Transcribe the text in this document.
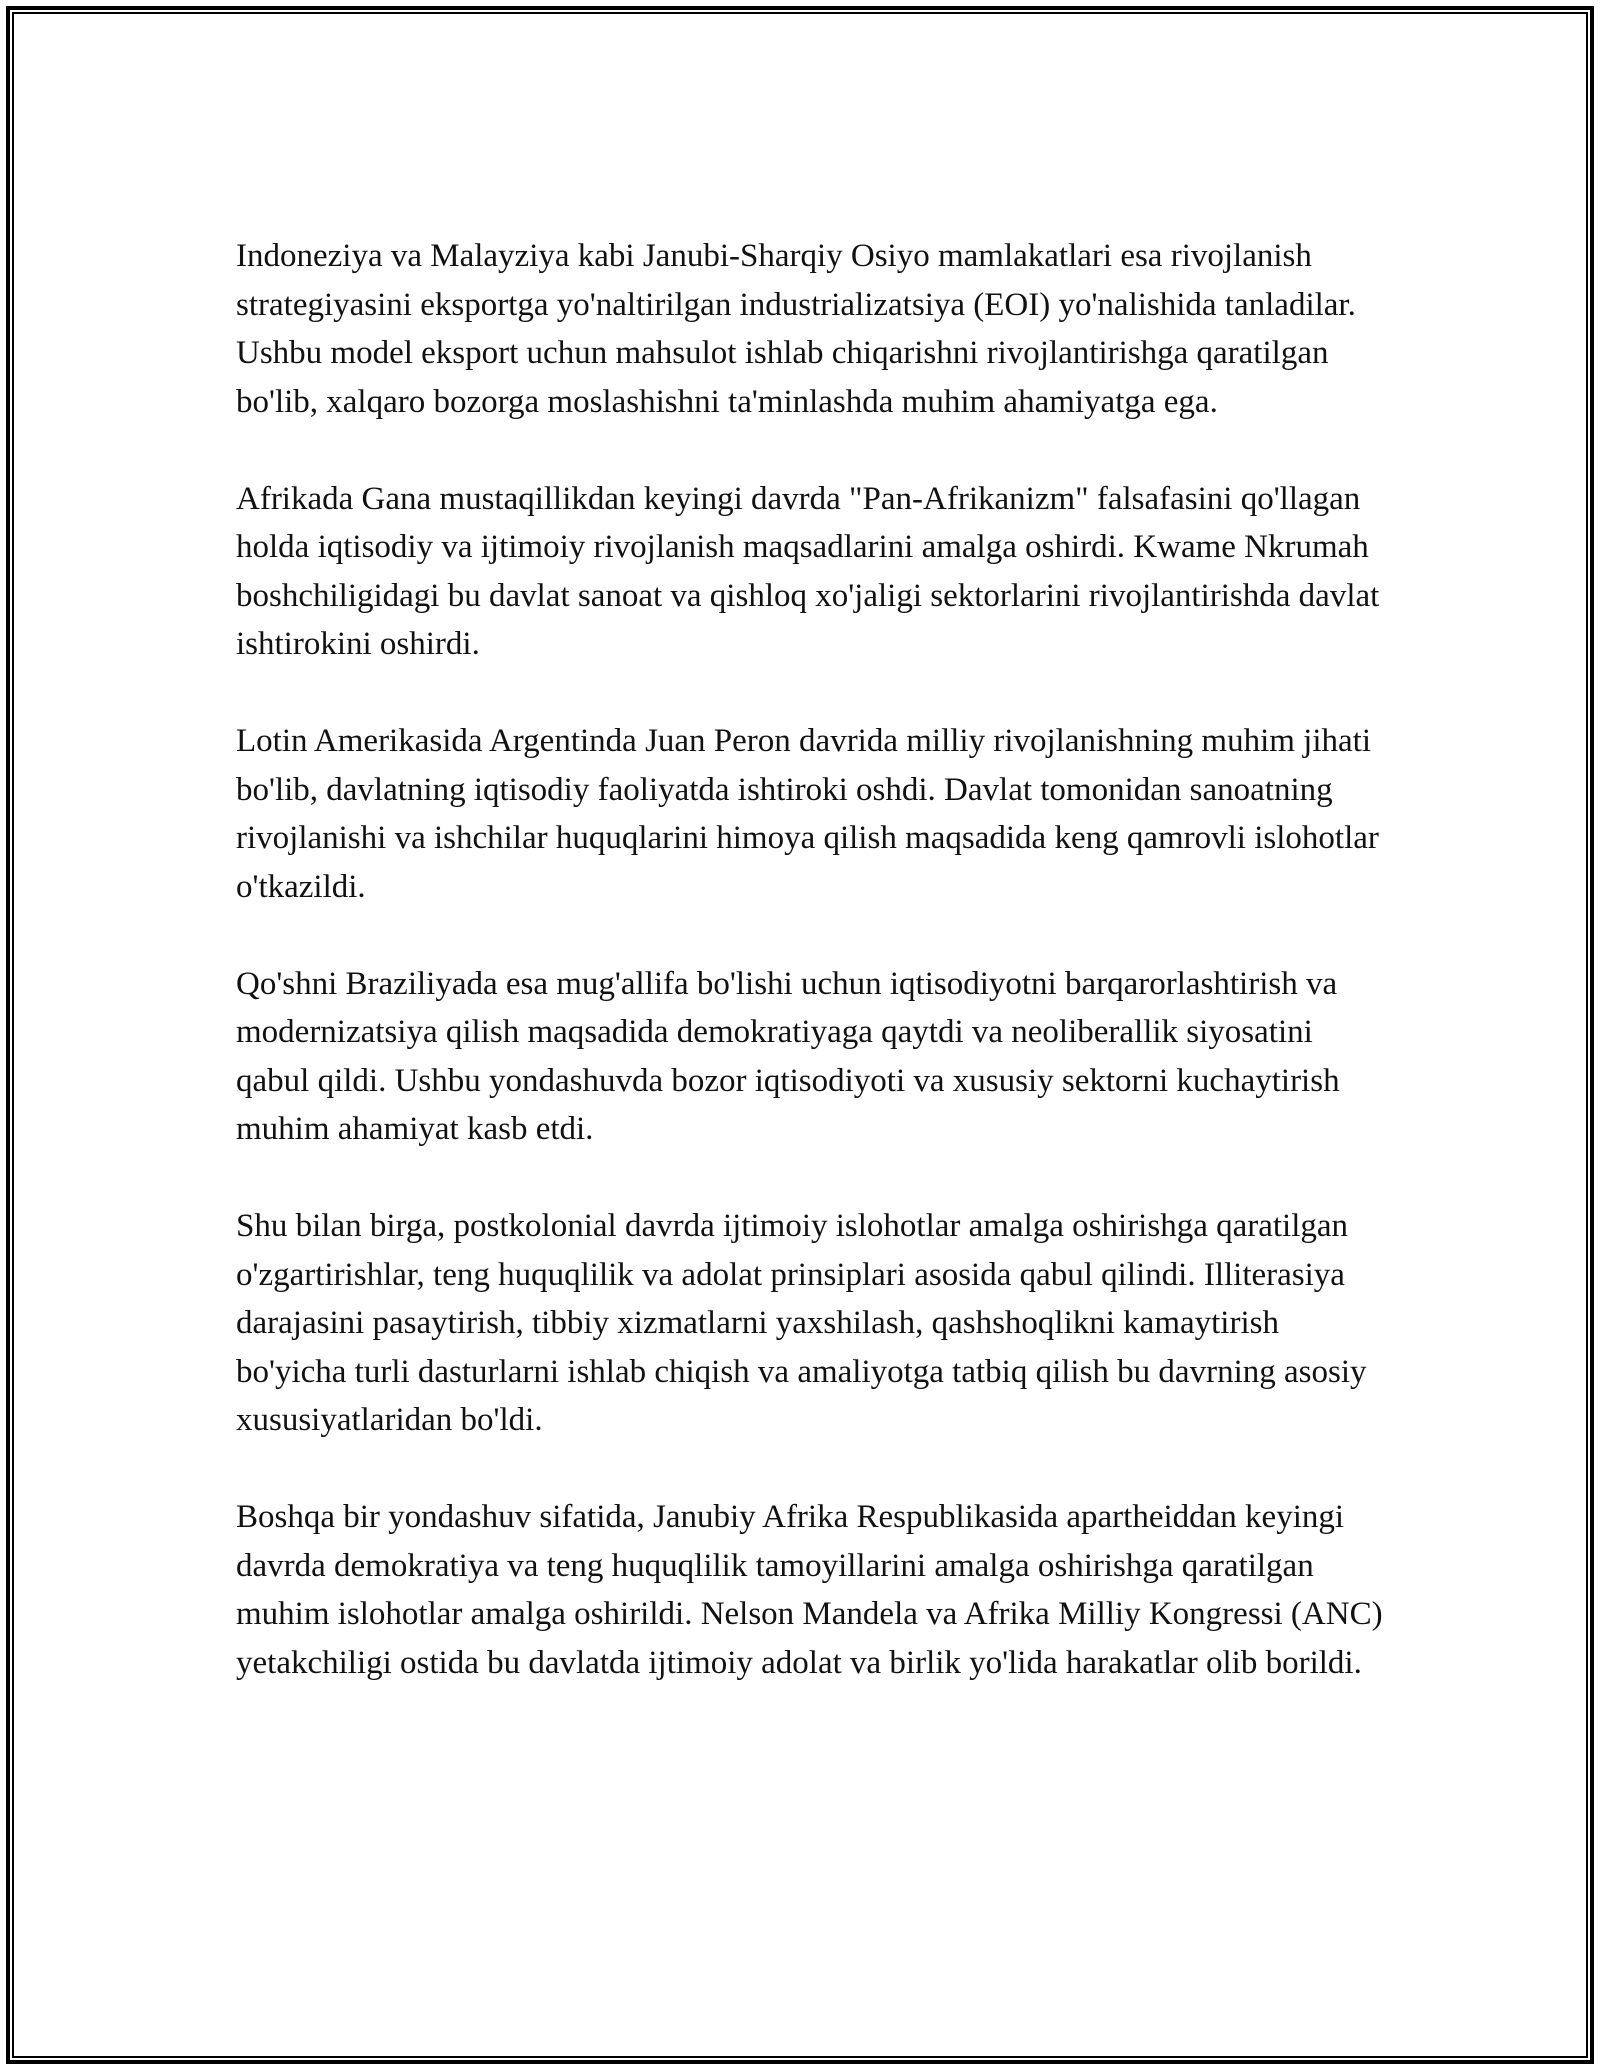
Indoneziya va Malayziya kabi Janubi-Sharqiy Osiyo mamlakatlari esa rivojlanish strategiyasini eksportga yo'naltirilgan industrializatsiya (EOI) yo'nalishida tanladilar. Ushbu model eksport uchun mahsulot ishlab chiqarishni rivojlantirishga qaratilgan bo'lib, xalqaro bozorga moslashishni ta'minlashda muhim ahamiyatga ega.

Afrikada Gana mustaqillikdan keyingi davrda "Pan-Afrikanizm" falsafasini qo'llagan holda iqtisodiy va ijtimoiy rivojlanish maqsadlarini amalga oshirdi. Kwame Nkrumah boshchiligidagi bu davlat sanoat va qishloq xo'jaligi sektorlarini rivojlantirishda davlat ishtirokini oshirdi.

Lotin Amerikasida Argentinda Juan Peron davrida milliy rivojlanishning muhim jihati bo'lib, davlatning iqtisodiy faoliyatda ishtiroki oshdi. Davlat tomonidan sanoatning rivojlanishi va ishchilar huquqlarini himoya qilish maqsadida keng qamrovli islohotlar o'tkazildi.

Qo'shni Braziliyada esa mug'allifa bo'lishi uchun iqtisodiyotni barqarorlashtirish va modernizatsiya qilish maqsadida demokratiyaga qaytdi va neoliberallik siyosatini qabul qildi. Ushbu yondashuvda bozor iqtisodiyoti va xususiy sektorni kuchaytirish muhim ahamiyat kasb etdi.

Shu bilan birga, postkolonial davrda ijtimoiy islohotlar amalga oshirishga qaratilgan o'zgartirishlar, teng huquqlilik va adolat prinsiplari asosida qabul qilindi. Illiterasiya darajasini pasaytirish, tibbiy xizmatlarni yaxshilash, qashshoqlikni kamaytirish bo'yicha turli dasturlarni ishlab chiqish va amaliyotga tatbiq qilish bu davrning asosiy xususiyatlaridan bo'ldi.

Boshqa bir yondashuv sifatida, Janubiy Afrika Respublikasida apartheiddan keyingi davrda demokratiya va teng huquqlilik tamoyillarini amalga oshirishga qaratilgan muhim islohotlar amalga oshirildi. Nelson Mandela va Afrika Milliy Kongressi (ANC) yetakchiligi ostida bu davlatda ijtimoiy adolat va birlik yo'lida harakatlar olib borildi.
